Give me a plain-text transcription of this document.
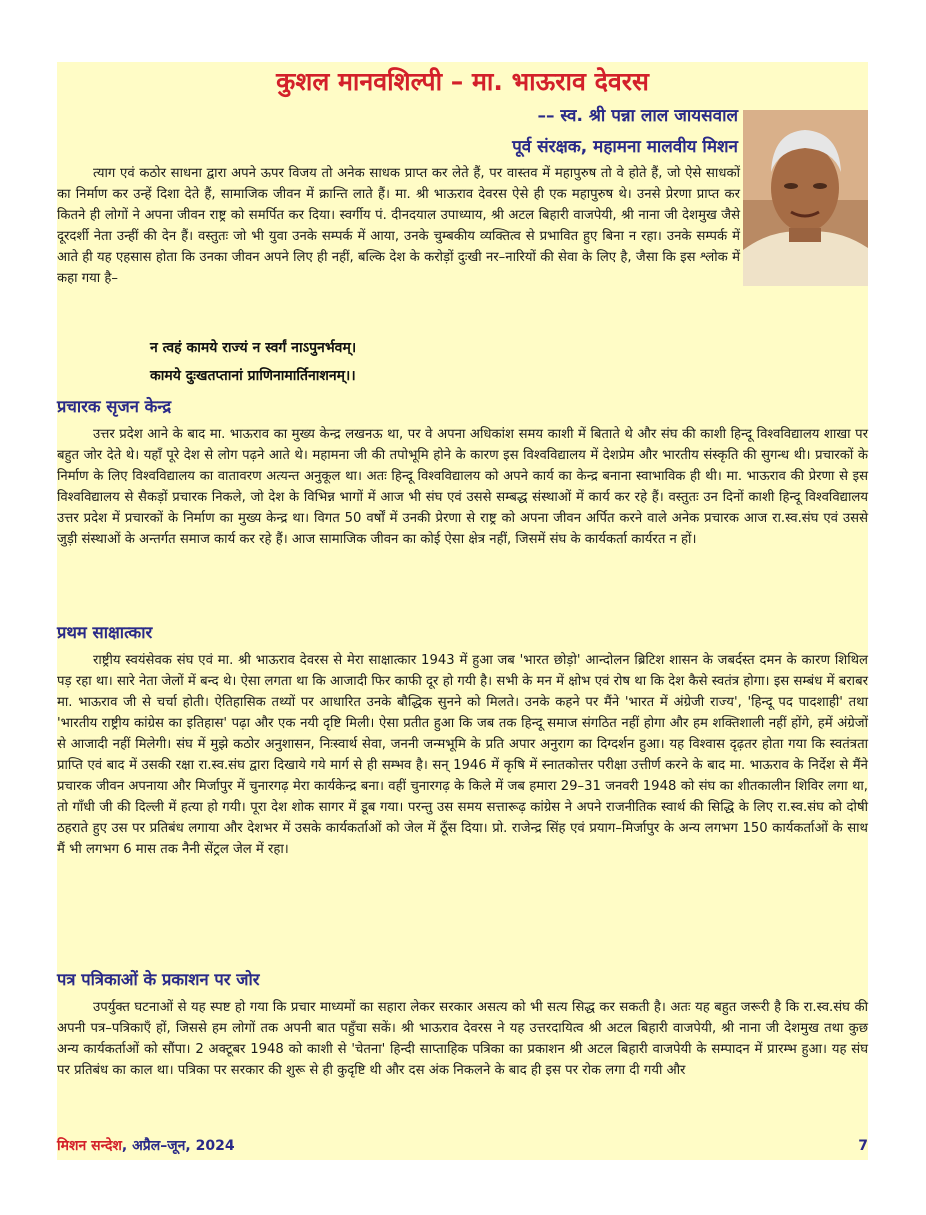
कुशल मानवशिल्पी – मा. भाऊराव देवरस
–– स्व. श्री पन्ना लाल जायसवाल
पूर्व संरक्षक, महामना मालवीय मिशन

त्याग एवं कठोर साधना द्वारा अपने ऊपर विजय तो अनेक साधक प्राप्त कर लेते हैं, पर वास्तव में महापुरुष तो वे होते हैं, जो ऐसे साधकों का निर्माण कर उन्हें दिशा देते हैं, सामाजिक जीवन में क्रान्ति लाते हैं। मा. श्री भाऊराव देवरस ऐसे ही एक महापुरुष थे। उनसे प्रेरणा प्राप्त कर कितने ही लोगों ने अपना जीवन राष्ट्र को समर्पित कर दिया। स्वर्गीय पं. दीनदयाल उपाध्याय, श्री अटल बिहारी वाजपेयी, श्री नाना जी देशमुख जैसे दूरदर्शी नेता उन्हीं की देन हैं। वस्तुतः जो भी युवा उनके सम्पर्क में आया, उनके चुम्बकीय व्यक्तित्व से प्रभावित हुए बिना न रहा। उनके सम्पर्क में आते ही यह एहसास होता कि उनका जीवन अपने लिए ही नहीं, बल्कि देश के करोड़ों दुःखी नर–नारियों की सेवा के लिए है, जैसा कि इस श्लोक में कहा गया है–

न त्वहं कामये राज्यं न स्वर्गं नाऽपुनर्भवम्।
कामये दुःखतप्तानां प्राणिनामार्तिनाशनम्।।
प्रचारक सृजन केन्द्र

उत्तर प्रदेश आने के बाद मा. भाऊराव का मुख्य केन्द्र लखनऊ था, पर वे अपना अधिकांश समय काशी में बिताते थे और संघ की काशी हिन्दू विश्वविद्यालय शाखा पर बहुत जोर देते थे। यहाँ पूरे देश से लोग पढ़ने आते थे। महामना जी की तपोभूमि होने के कारण इस विश्वविद्यालय में देशप्रेम और भारतीय संस्कृति की सुगन्ध थी। प्रचारकों के निर्माण के लिए विश्वविद्यालय का वातावरण अत्यन्त अनुकूल था। अतः हिन्दू विश्वविद्यालय को अपने कार्य का केन्द्र बनाना स्वाभाविक ही थी। मा. भाऊराव की प्रेरणा से इस विश्वविद्यालय से सैकड़ों प्रचारक निकले, जो देश के विभिन्न भागों में आज भी संघ एवं उससे सम्बद्ध संस्थाओं में कार्य कर रहे हैं। वस्तुतः उन दिनों काशी हिन्दू विश्वविद्यालय उत्तर प्रदेश में प्रचारकों के निर्माण का मुख्य केन्द्र था। विगत 50 वर्षों में उनकी प्रेरणा से राष्ट्र को अपना जीवन अर्पित करने वाले अनेक प्रचारक आज रा.स्व.संघ एवं उससे जुड़ी संस्थाओं के अन्तर्गत समाज कार्य कर रहे हैं। आज सामाजिक जीवन का कोई ऐसा क्षेत्र नहीं, जिसमें संघ के कार्यकर्ता कार्यरत न हों।

प्रथम साक्षात्कार

राष्ट्रीय स्वयंसेवक संघ एवं मा. श्री भाऊराव देवरस से मेरा साक्षात्कार 1943 में हुआ जब 'भारत छोड़ो' आन्दोलन ब्रिटिश शासन के जबर्दस्त दमन के कारण शिथिल पड़ रहा था। सारे नेता जेलों में बन्द थे। ऐसा लगता था कि आजादी फिर काफी दूर हो गयी है। सभी के मन में क्षोभ एवं रोष था कि देश कैसे स्वतंत्र होगा। इस सम्बंध में बराबर मा. भाऊराव जी से चर्चा होती। ऐतिहासिक तथ्यों पर आधारित उनके बौद्धिक सुनने को मिलते। उनके कहने पर मैंने 'भारत में अंग्रेजी राज्य', 'हिन्दू पद पादशाही' तथा 'भारतीय राष्ट्रीय कांग्रेस का इतिहास' पढ़ा और एक नयी दृष्टि मिली। ऐसा प्रतीत हुआ कि जब तक हिन्दू समाज संगठित नहीं होगा और हम शक्तिशाली नहीं होंगे, हमें अंग्रेजों से आजादी नहीं मिलेगी। संघ में मुझे कठोर अनुशासन, निःस्वार्थ सेवा, जननी जन्मभूमि के प्रति अपार अनुराग का दिग्दर्शन हुआ। यह विश्वास दृढ़तर होता गया कि स्वतंत्रता प्राप्ति एवं बाद में उसकी रक्षा रा.स्व.संघ द्वारा दिखाये गये मार्ग से ही सम्भव है। सन् 1946 में कृषि में स्नातकोत्तर परीक्षा उत्तीर्ण करने के बाद मा. भाऊराव के निर्देश से मैंने प्रचारक जीवन अपनाया और मिर्जापुर में चुनारगढ़ मेरा कार्यकेन्द्र बना। वहीं चुनारगढ़ के किले में जब हमारा 29–31 जनवरी 1948 को संघ का शीतकालीन शिविर लगा था, तो गाँधी जी की दिल्ली में हत्या हो गयी। पूरा देश शोक सागर में डूब गया। परन्तु उस समय सत्तारूढ़ कांग्रेस ने अपने राजनीतिक स्वार्थ की सिद्धि के लिए रा.स्व.संघ को दोषी ठहराते हुए उस पर प्रतिबंध लगाया और देशभर में उसके कार्यकर्ताओं को जेल में ठूँस दिया। प्रो. राजेन्द्र सिंह एवं प्रयाग–मिर्जापुर के अन्य लगभग 150 कार्यकर्ताओं के साथ मैं भी लगभग 6 मास तक नैनी सेंट्रल जेल में रहा।

पत्र पत्रिकाओं के प्रकाशन पर जोर

उपर्युक्त घटनाओं से यह स्पष्ट हो गया कि प्रचार माध्यमों का सहारा लेकर सरकार असत्य को भी सत्य सिद्ध कर सकती है। अतः यह बहुत जरूरी है कि रा.स्व.संघ की अपनी पत्र–पत्रिकाएँ हों, जिससे हम लोगों तक अपनी बात पहुँचा सकें। श्री भाऊराव देवरस ने यह उत्तरदायित्व श्री अटल बिहारी वाजपेयी, श्री नाना जी देशमुख तथा कुछ अन्य कार्यकर्ताओं को सौंपा। 2 अक्टूबर 1948 को काशी से 'चेतना' हिन्दी साप्ताहिक पत्रिका का प्रकाशन श्री अटल बिहारी वाजपेयी के सम्पादन में प्रारम्भ हुआ। यह संघ पर प्रतिबंध का काल था। पत्रिका पर सरकार की शुरू से ही कुदृष्टि थी और दस अंक निकलने के बाद ही इस पर रोक लगा दी गयी और

मिशन सन्देश, अप्रैल–जून, 2024	7
